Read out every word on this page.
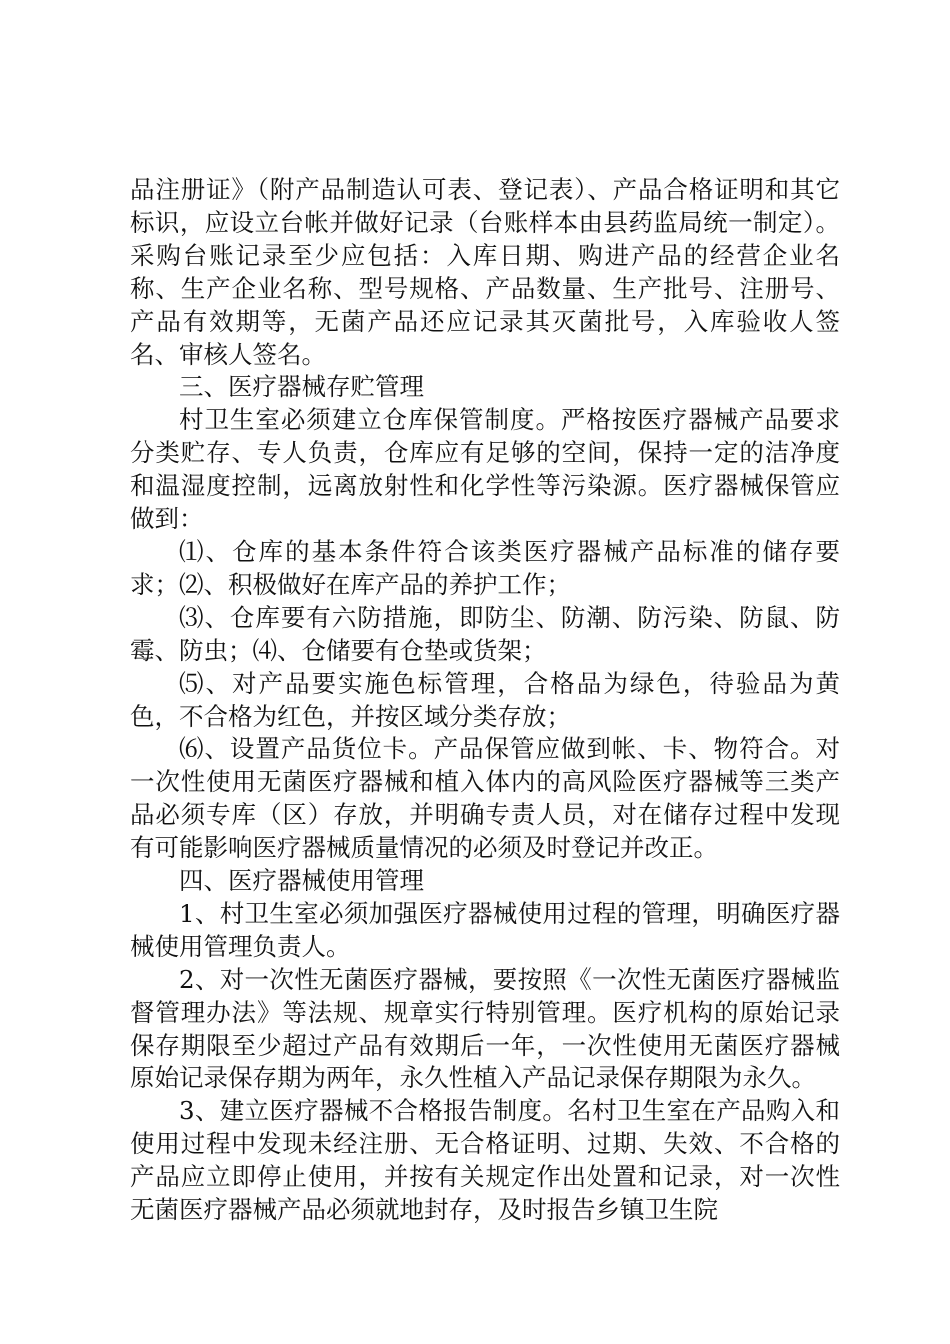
品注册证》（附产品制造认可表、登记表）、产品合格证明和其它标识，应设立台帐并做好记录（台账样本由县药监局统一制定）。采购台账记录至少应包括：入库日期、购进产品的经营企业名称、生产企业名称、型号规格、产品数量、生产批号、注册号、产品有效期等，无菌产品还应记录其灭菌批号，入库验收人签名、审核人签名。

三、医疗器械存贮管理

村卫生室必须建立仓库保管制度。严格按医疗器械产品要求分类贮存、专人负责，仓库应有足够的空间，保持一定的洁净度和温湿度控制，远离放射性和化学性等污染源。医疗器械保管应做到：

⑴、仓库的基本条件符合该类医疗器械产品标准的储存要求；⑵、积极做好在库产品的养护工作；

⑶、仓库要有六防措施，即防尘、防潮、防污染、防鼠、防霉、防虫；⑷、仓储要有仓垫或货架；

⑸、对产品要实施色标管理，合格品为绿色，待验品为黄色，不合格为红色，并按区域分类存放；

⑹、设置产品货位卡。产品保管应做到帐、卡、物符合。对一次性使用无菌医疗器械和植入体内的高风险医疗器械等三类产品必须专库（区）存放，并明确专责人员，对在储存过程中发现有可能影响医疗器械质量情况的必须及时登记并改正。

四、医疗器械使用管理

1、村卫生室必须加强医疗器械使用过程的管理，明确医疗器械使用管理负责人。

2、对一次性无菌医疗器械，要按照《一次性无菌医疗器械监督管理办法》等法规、规章实行特别管理。医疗机构的原始记录保存期限至少超过产品有效期后一年，一次性使用无菌医疗器械原始记录保存期为两年，永久性植入产品记录保存期限为永久。

3、建立医疗器械不合格报告制度。名村卫生室在产品购入和使用过程中发现未经注册、无合格证明、过期、失效、不合格的产品应立即停止使用，并按有关规定作出处置和记录，对一次性无菌医疗器械产品必须就地封存，及时报告乡镇卫生院
